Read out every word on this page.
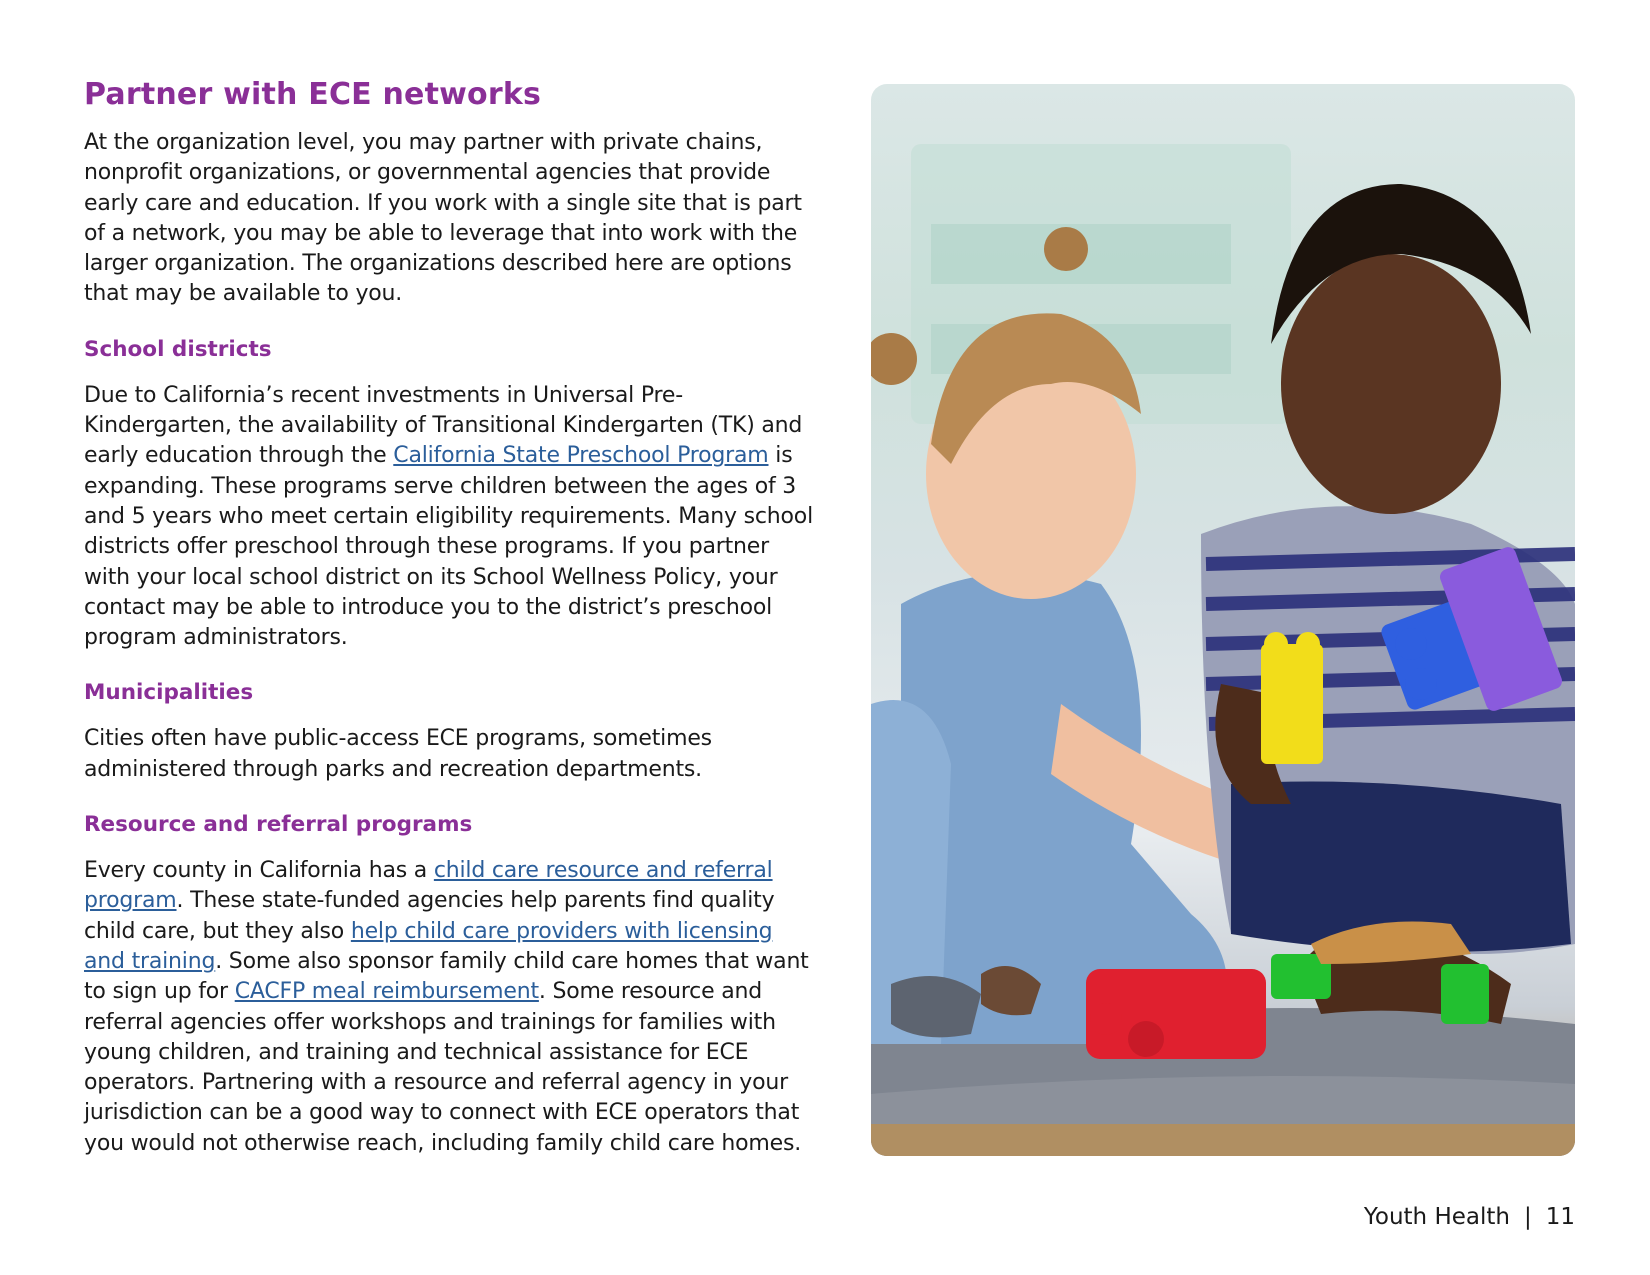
Partner with ECE networks

At the organization level, you may partner with private chains, nonprofit organizations, or governmental agencies that provide early care and education. If you work with a single site that is part of a network, you may be able to leverage that into work with the larger organization. The organizations described here are options that may be available to you.

School districts

Due to California’s recent investments in Universal Pre-Kindergarten, the availability of Transitional Kindergarten (TK) and early education through the California State Preschool Program is expanding. These programs serve children between the ages of 3 and 5 years who meet certain eligibility requirements. Many school districts offer preschool through these programs. If you partner with your local school district on its School Wellness Policy, your contact may be able to introduce you to the district’s preschool program administrators.

Municipalities

Cities often have public-access ECE programs, sometimes administered through parks and recreation departments.

Resource and referral programs

Every county in California has a child care resource and referral program. These state-funded agencies help parents find quality child care, but they also help child care providers with licensing and training. Some also sponsor family child care homes that want to sign up for CACFP meal reimbursement. Some resource and referral agencies offer workshops and trainings for families with young children, and training and technical assistance for ECE operators. Partnering with a resource and referral agency in your jurisdiction can be a good way to connect with ECE operators that you would not otherwise reach, including family child care homes.

Youth Health | 11
